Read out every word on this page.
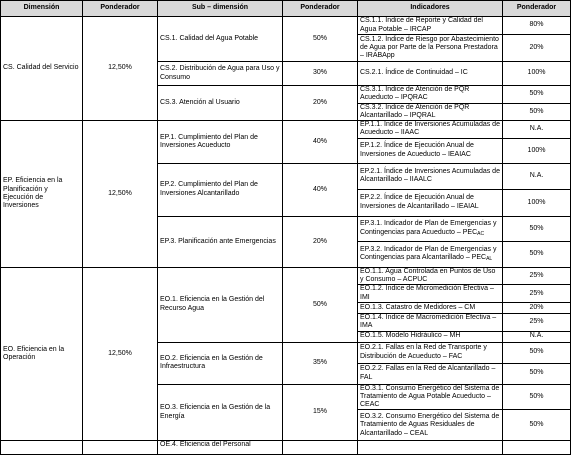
Dimensión	Ponderador	Sub – dimensión	Ponderador	Indicadores	Ponderador
CS. Calidad del Servicio	12,50%	CS.1. Calidad del Agua Potable	50%	CS.1.1. Índice de Reporte y Calidad del Agua Potable – IRCAP	80%
				CS.1.2. Índice de Riesgo por Abastecimiento de Agua por Parte de la Persona Prestadora – IRABApp	20%
		CS.2. Distribución de Agua para Uso y Consumo	30%	CS.2.1. Índice de Continuidad – IC	100%
		CS.3. Atención al Usuario	20%	CS.3.1. Índice de Atención de PQR Acueducto – IPQRAC	50%
				CS.3.2. Índice de Atención de PQR Alcantarillado – IPQRAL	50%
EP. Eficiencia en la Planificación y Ejecución de Inversiones	12,50%	EP.1. Cumplimiento del Plan de Inversiones Acueducto	40%	EP.1.1. Índice de Inversiones Acumuladas de Acueducto – IIAAC	N.A.
				EP.1.2. Índice de Ejecución Anual de Inversiones de Acueducto – IEAIAC	100%
		EP.2. Cumplimiento del Plan de Inversiones Alcantarillado	40%	EP.2.1. Índice de Inversiones Acumuladas de Alcantarillado – IIAALC	N.A.
				EP.2.2. Índice de Ejecución Anual de Inversiones de Alcantarillado – IEAIAL	100%
		EP.3. Planificación ante Emergencias	20%	EP.3.1. Indicador de Plan de Emergencias y Contingencias para Acueducto – $PEC_{AC}$	50%
				EP.3.2. Indicador de Plan de Emergencias y Contingencias para Alcantarillado – $PEC_{AL}$	50%
EO. Eficiencia en la Operación	12,50%	EO.1. Eficiencia en la Gestión del Recurso Agua	50%	EO.1.1. Agua Controlada en Puntos de Uso y Consumo – ACPUC	25%
				EO.1.2. Índice de Micromedición Efectiva – IMI	25%
				EO.1.3. Catastro de Medidores – CM	20%
				EO.1.4. Índice de Macromedición Efectiva – IMA	25%
				EO.1.5. Modelo Hidráulico – MH	N.A.
		EO.2. Eficiencia en la Gestión de Infraestructura	35%	EO.2.1. Fallas en la Red de Transporte y Distribución de Acueducto – FAC	50%
				EO.2.2. Fallas en la Red de Alcantarillado – FAL	50%
		EO.3. Eficiencia en la Gestión de la Energía	15%	EO.3.1. Consumo Energético del Sistema de Tratamiento de Agua Potable Acueducto – CEAC	50%
				EO.3.2. Consumo Energético del Sistema de Tratamiento de Aguas Residuales de Alcantarillado – CEAL	50%
		OE.4. Eficiencia del Personal			
